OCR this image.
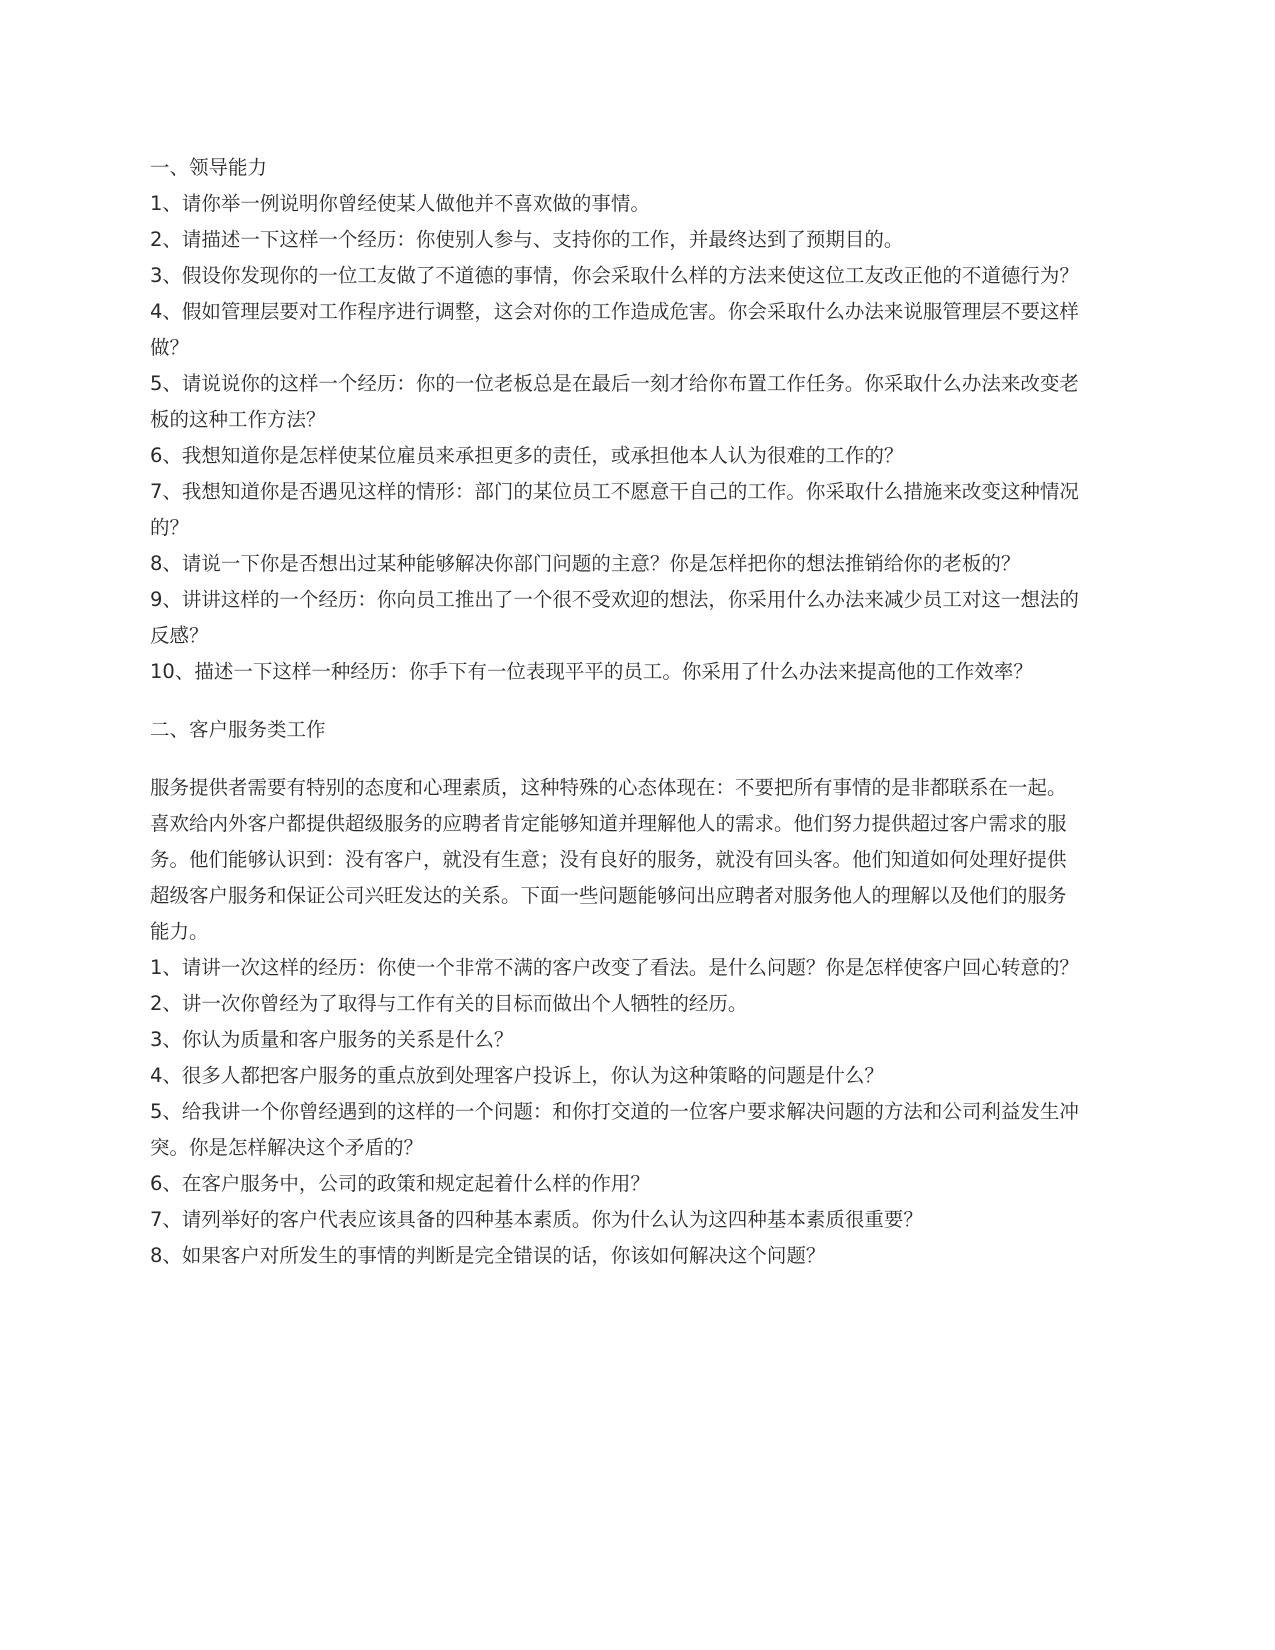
一、领导能力

1、请你举一例说明你曾经使某人做他并不喜欢做的事情。

2、请描述一下这样一个经历：你使别人参与、支持你的工作，并最终达到了预期目的。

3、假设你发现你的一位工友做了不道德的事情，你会采取什么样的方法来使这位工友改正他的不道德行为？

4、假如管理层要对工作程序进行调整，这会对你的工作造成危害。你会采取什么办法来说服管理层不要这样做？

5、请说说你的这样一个经历：你的一位老板总是在最后一刻才给你布置工作任务。你采取什么办法来改变老板的这种工作方法？

6、我想知道你是怎样使某位雇员来承担更多的责任，或承担他本人认为很难的工作的？

7、我想知道你是否遇见这样的情形：部门的某位员工不愿意干自己的工作。你采取什么措施来改变这种情况的？

8、请说一下你是否想出过某种能够解决你部门问题的主意？你是怎样把你的想法推销给你的老板的？

9、讲讲这样的一个经历：你向员工推出了一个很不受欢迎的想法，你采用什么办法来减少员工对这一想法的反感？

10、描述一下这样一种经历：你手下有一位表现平平的员工。你采用了什么办法来提高他的工作效率？

二、客户服务类工作

服务提供者需要有特别的态度和心理素质，这种特殊的心态体现在：不要把所有事情的是非都联系在一起。喜欢给内外客户都提供超级服务的应聘者肯定能够知道并理解他人的需求。他们努力提供超过客户需求的服务。他们能够认识到：没有客户，就没有生意；没有良好的服务，就没有回头客。他们知道如何处理好提供超级客户服务和保证公司兴旺发达的关系。下面一些问题能够问出应聘者对服务他人的理解以及他们的服务能力。

1、请讲一次这样的经历：你使一个非常不满的客户改变了看法。是什么问题？你是怎样使客户回心转意的？

2、讲一次你曾经为了取得与工作有关的目标而做出个人牺牲的经历。

3、你认为质量和客户服务的关系是什么？

4、很多人都把客户服务的重点放到处理客户投诉上，你认为这种策略的问题是什么？

5、给我讲一个你曾经遇到的这样的一个问题：和你打交道的一位客户要求解决问题的方法和公司利益发生冲突。你是怎样解决这个矛盾的？

6、在客户服务中，公司的政策和规定起着什么样的作用？

7、请列举好的客户代表应该具备的四种基本素质。你为什么认为这四种基本素质很重要？

8、如果客户对所发生的事情的判断是完全错误的话，你该如何解决这个问题？
